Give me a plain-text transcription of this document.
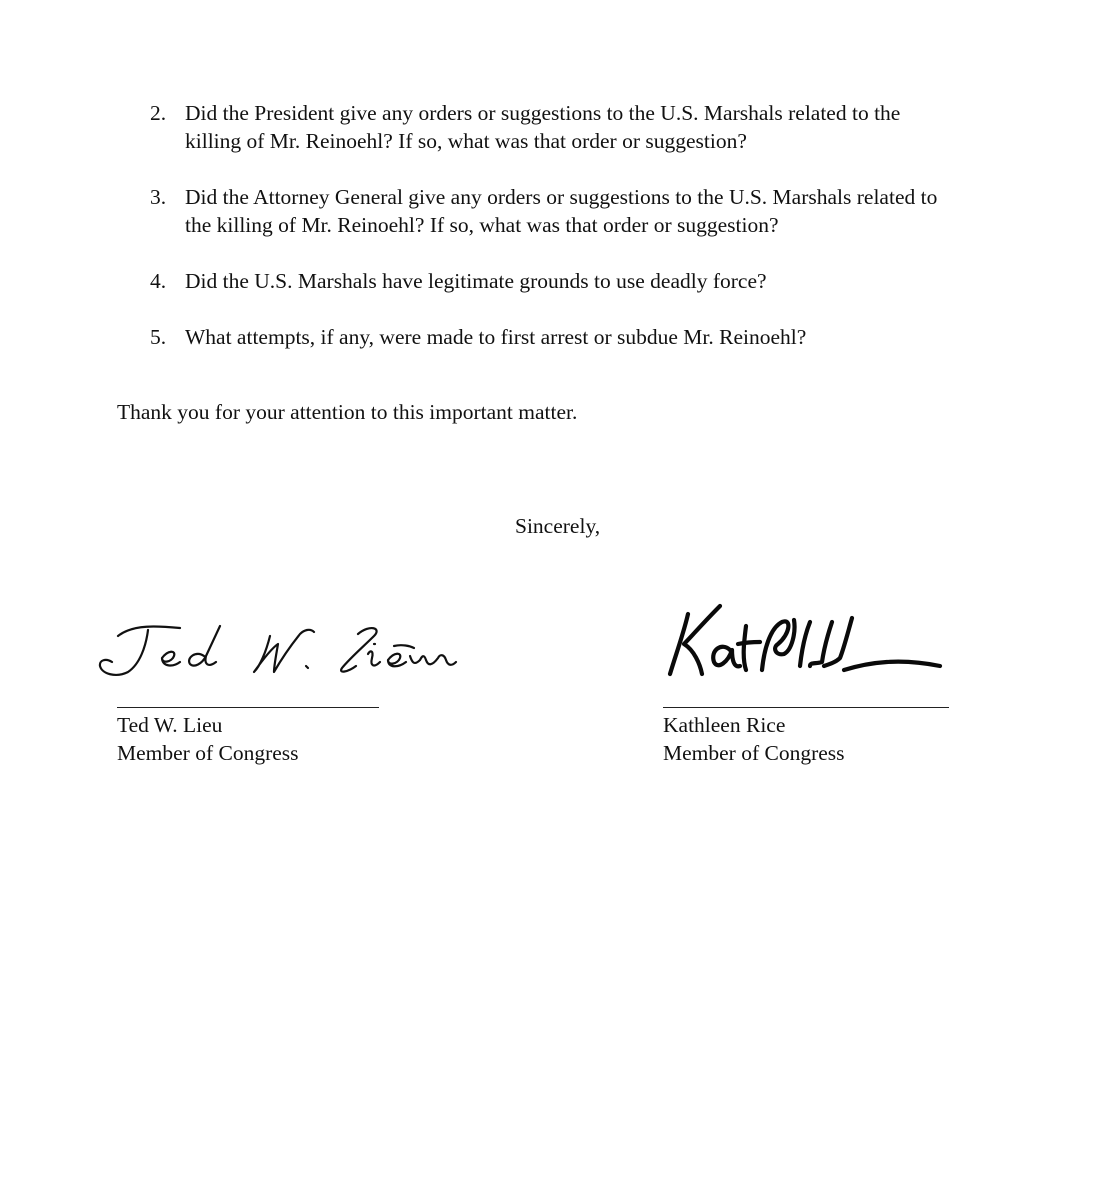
2. Did the President give any orders or suggestions to the U.S. Marshals related to the
killing of Mr. Reinoehl? If so, what was that order or suggestion?
3. Did the Attorney General give any orders or suggestions to the U.S. Marshals related to
the killing of Mr. Reinoehl? If so, what was that order or suggestion?
4. Did the U.S. Marshals have legitimate grounds to use deadly force?
5. What attempts, if any, were made to first arrest or subdue Mr. Reinoehl?
Thank you for your attention to this important matter.
Sincerely,
Ted W. Lieu
Member of Congress
Kathleen Rice
Member of Congress
